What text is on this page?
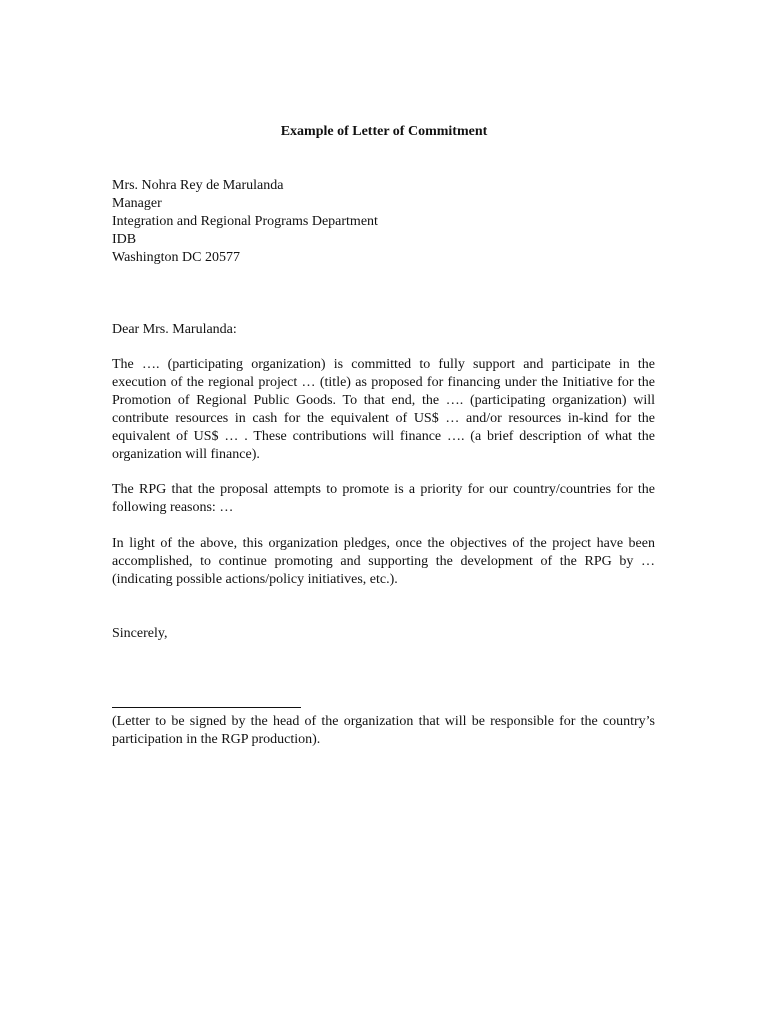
Example of Letter of Commitment
Mrs. Nohra Rey de Marulanda
Manager
Integration and Regional Programs Department
IDB
Washington DC 20577
Dear Mrs. Marulanda:
The …. (participating organization) is committed to fully support and participate in the execution of the regional project … (title) as proposed for financing under the Initiative for the Promotion of Regional Public Goods. To that end, the …. (participating organization) will contribute resources in cash for the equivalent of US$ … and/or resources in-kind for the equivalent of US$ … . These contributions will finance …. (a brief description of what the organization will finance).
The RPG that the proposal attempts to promote is a priority for our country/countries for the following reasons: …
In light of the above, this organization pledges, once the objectives of the project have been accomplished, to continue promoting and supporting the development of the RPG by … (indicating possible actions/policy initiatives, etc.).
Sincerely,
(Letter to be signed by the head of the organization that will be responsible for the country’s participation in the RGP production).
